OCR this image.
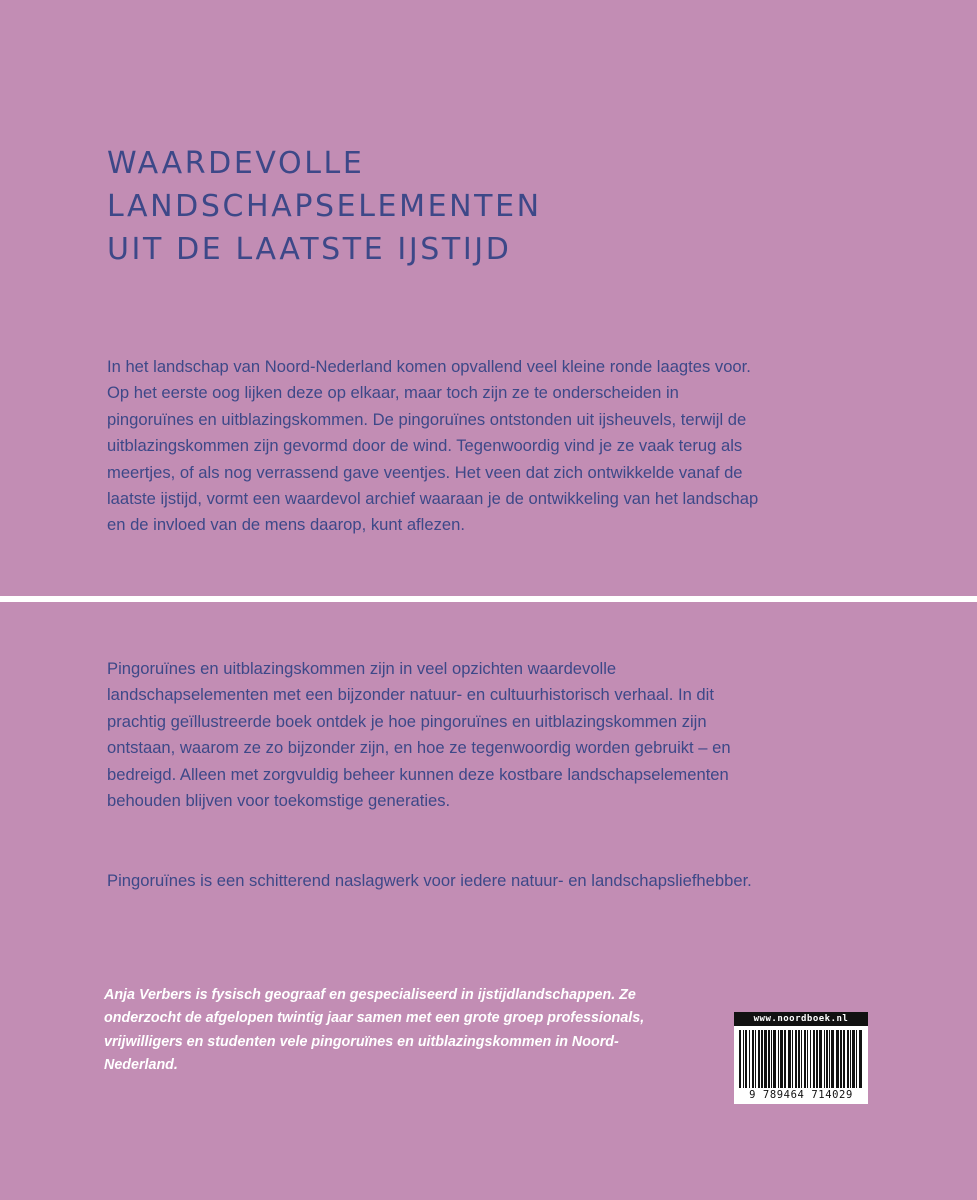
WAARDEVOLLE
LANDSCHAPSELEMENTEN
UIT DE LAATSTE IJSTIJD

In het landschap van Noord-Nederland komen opvallend veel kleine ronde laagtes voor. Op het eerste oog lijken deze op elkaar, maar toch zijn ze te onderscheiden in pingoruïnes en uitblazingskommen. De pingoruïnes ontstonden uit ijsheuvels, terwijl de uitblazingskommen zijn gevormd door de wind. Tegenwoordig vind je ze vaak terug als meertjes, of als nog verrassend gave veentjes. Het veen dat zich ontwikkelde vanaf de laatste ijstijd, vormt een waardevol archief waaraan je de ontwikkeling van het landschap en de invloed van de mens daarop, kunt aflezen.

Pingoruïnes en uitblazingskommen zijn in veel opzichten waardevolle landschapselementen met een bijzonder natuur- en cultuurhistorisch verhaal. In dit prachtig geïllustreerde boek ontdek je hoe pingoruïnes en uitblazingskommen zijn ontstaan, waarom ze zo bijzonder zijn, en hoe ze tegenwoordig worden gebruikt – en bedreigd. Alleen met zorgvuldig beheer kunnen deze kostbare landschapselementen behouden blijven voor toekomstige generaties.

Pingoruïnes is een schitterend naslagwerk voor iedere natuur- en landschapsliefhebber.

Anja Verbers is fysisch geograaf en gespecialiseerd in ijstijdlandschappen. Ze onderzocht de afgelopen twintig jaar samen met een grote groep professionals, vrijwilligers en studenten vele pingoruïnes en uitblazingskommen in Noord-Nederland.

www.noordboek.nl
9 789464 714029
